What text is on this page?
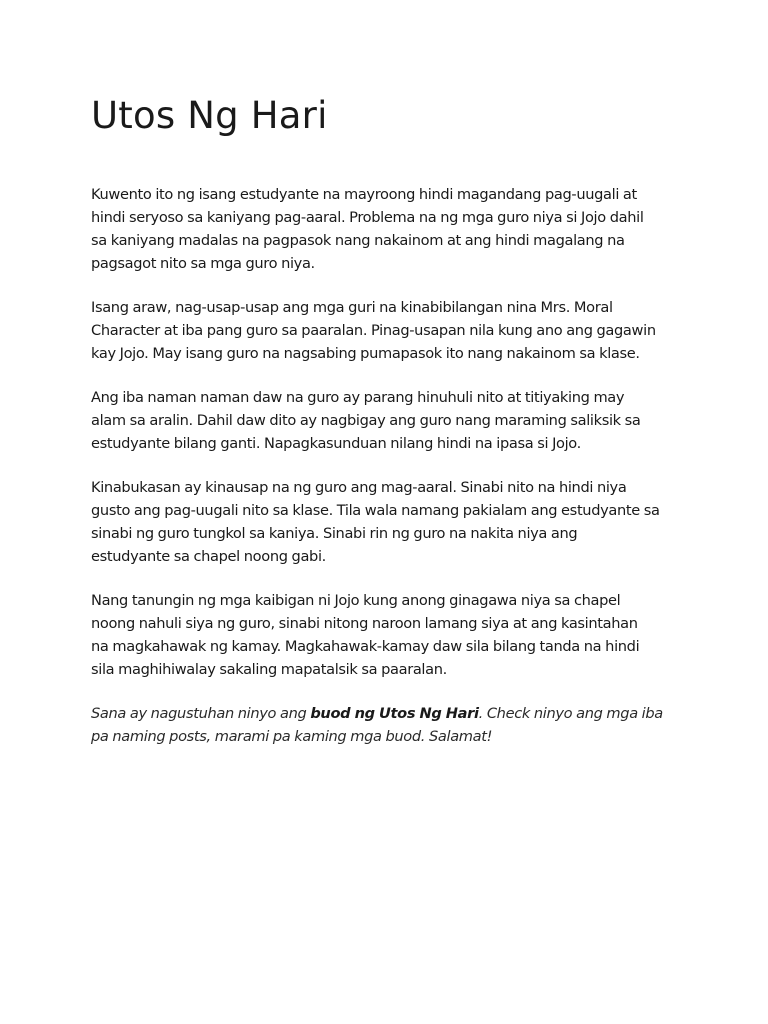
Utos Ng Hari

Kuwento ito ng isang estudyante na mayroong hindi magandang pag-uugali at
hindi seryoso sa kaniyang pag-aaral. Problema na ng mga guro niya si Jojo dahil
sa kaniyang madalas na pagpasok nang nakainom at ang hindi magalang na
pagsagot nito sa mga guro niya.

Isang araw, nag-usap-usap ang mga guri na kinabibilangan nina Mrs. Moral
Character at iba pang guro sa paaralan. Pinag-usapan nila kung ano ang gagawin
kay Jojo. May isang guro na nagsabing pumapasok ito nang nakainom sa klase.

Ang iba naman naman daw na guro ay parang hinuhuli nito at titiyaking may
alam sa aralin. Dahil daw dito ay nagbigay ang guro nang maraming saliksik sa
estudyante bilang ganti. Napagkasunduan nilang hindi na ipasa si Jojo.

Kinabukasan ay kinausap na ng guro ang mag-aaral. Sinabi nito na hindi niya
gusto ang pag-uugali nito sa klase. Tila wala namang pakialam ang estudyante sa
sinabi ng guro tungkol sa kaniya. Sinabi rin ng guro na nakita niya ang
estudyante sa chapel noong gabi.

Nang tanungin ng mga kaibigan ni Jojo kung anong ginagawa niya sa chapel
noong nahuli siya ng guro, sinabi nitong naroon lamang siya at ang kasintahan
na magkahawak ng kamay. Magkahawak-kamay daw sila bilang tanda na hindi
sila maghihiwalay sakaling mapatalsik sa paaralan.

Sana ay nagustuhan ninyo ang buod ng Utos Ng Hari. Check ninyo ang mga iba
pa naming posts, marami pa kaming mga buod. Salamat!
